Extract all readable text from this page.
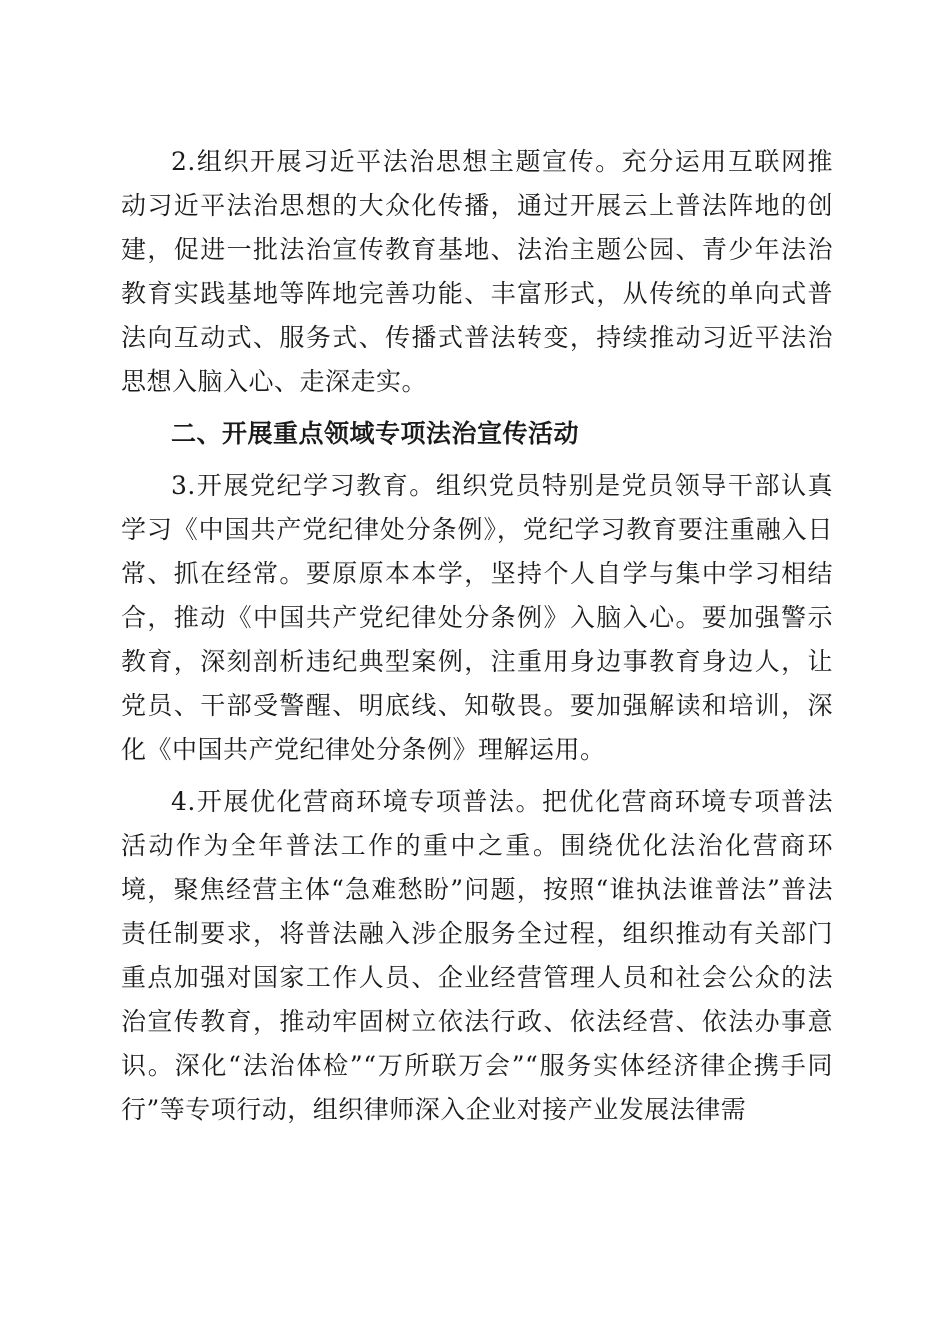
2.组织开展习近平法治思想主题宣传。充分运用互联网推动习近平法治思想的大众化传播，通过开展云上普法阵地的创建，促进一批法治宣传教育基地、法治主题公园、青少年法治教育实践基地等阵地完善功能、丰富形式，从传统的单向式普法向互动式、服务式、传播式普法转变，持续推动习近平法治思想入脑入心、走深走实。

二、开展重点领域专项法治宣传活动

3.开展党纪学习教育。组织党员特别是党员领导干部认真学习《中国共产党纪律处分条例》，党纪学习教育要注重融入日常、抓在经常。要原原本本学，坚持个人自学与集中学习相结合，推动《中国共产党纪律处分条例》入脑入心。要加强警示教育，深刻剖析违纪典型案例，注重用身边事教育身边人，让党员、干部受警醒、明底线、知敬畏。要加强解读和培训，深化《中国共产党纪律处分条例》理解运用。

4.开展优化营商环境专项普法。把优化营商环境专项普法活动作为全年普法工作的重中之重。围绕优化法治化营商环境，聚焦经营主体“急难愁盼”问题，按照“谁执法谁普法”普法责任制要求，将普法融入涉企服务全过程，组织推动有关部门重点加强对国家工作人员、企业经营管理人员和社会公众的法治宣传教育，推动牢固树立依法行政、依法经营、依法办事意识。深化“法治体检”“万所联万会”“服务实体经济律企携手同行”等专项行动，组织律师深入企业对接产业发展法律需
